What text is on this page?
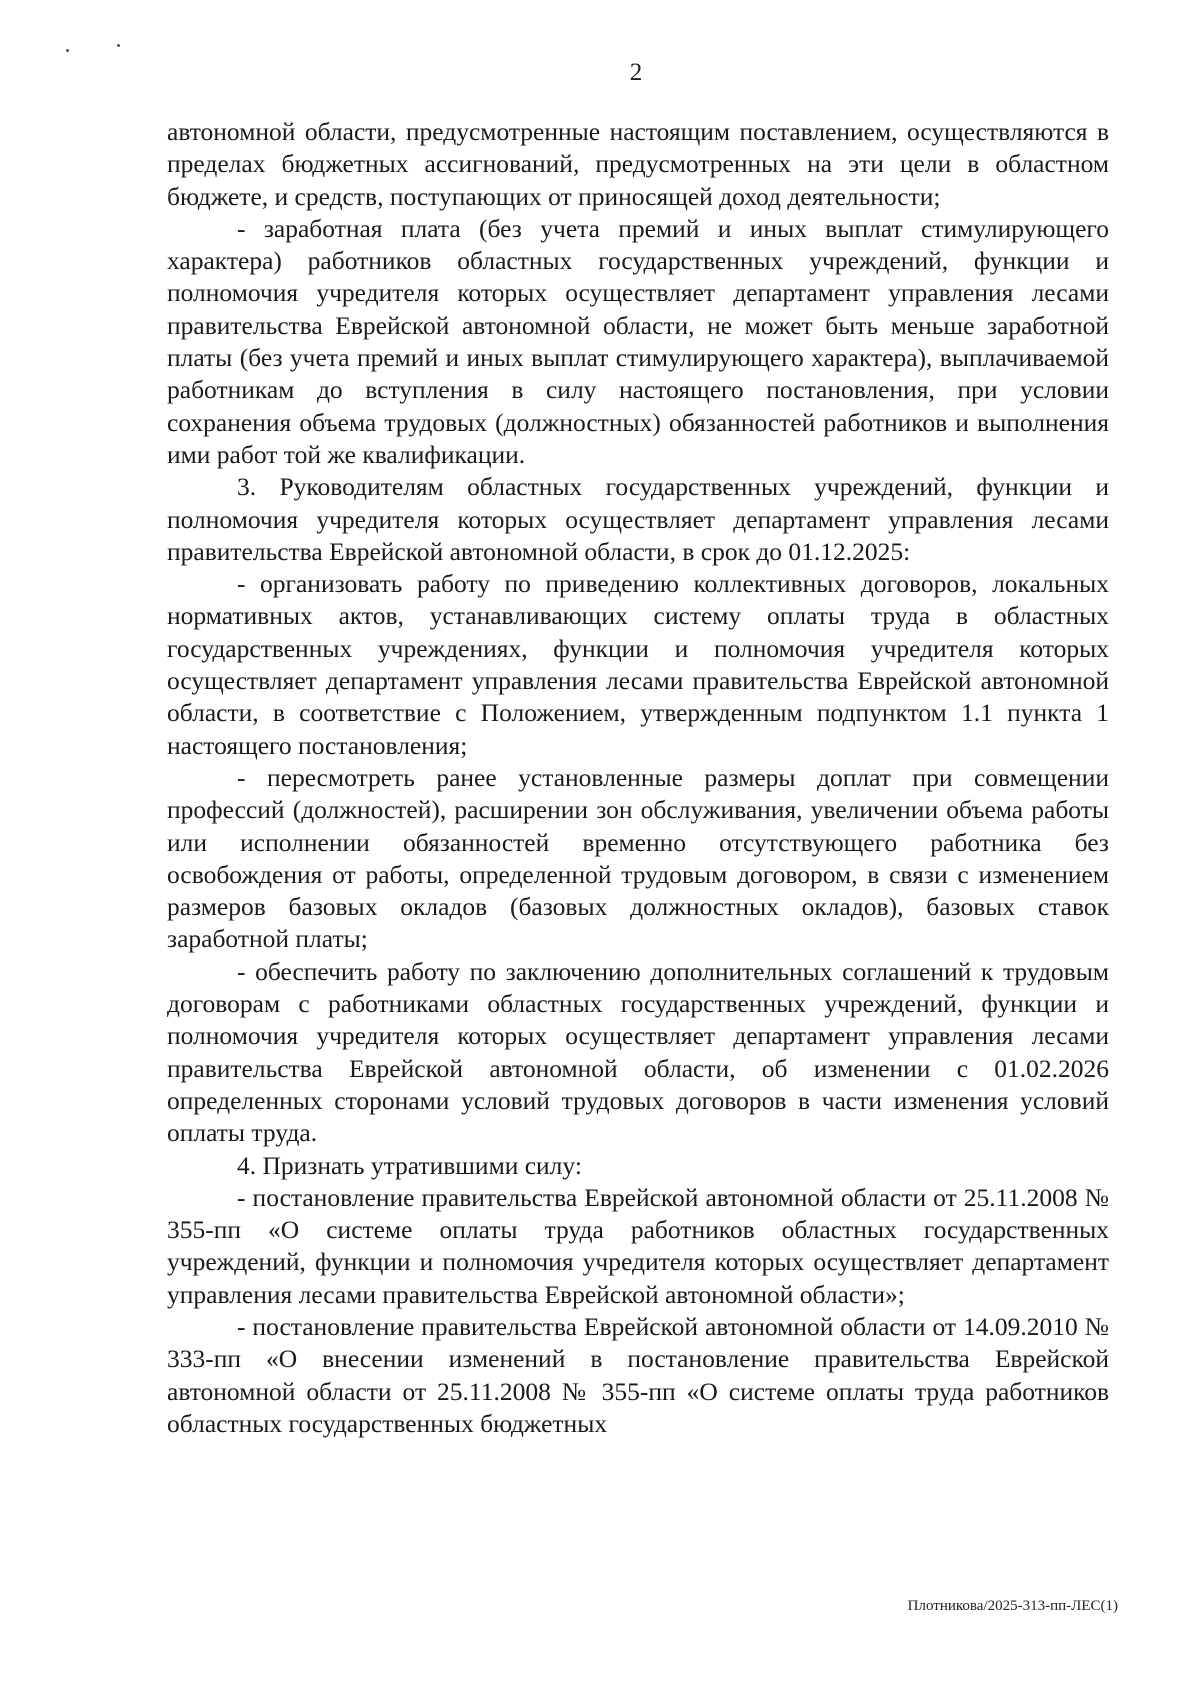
2

автономной области, предусмотренные настоящим поставлением, осуществляются в пределах бюджетных ассигнований, предусмотренных на эти цели в областном бюджете, и средств, поступающих от приносящей доход деятельности;

- заработная плата (без учета премий и иных выплат стимулирующего характера) работников областных государственных учреждений, функции и полномочия учредителя которых осуществляет департамент управления лесами правительства Еврейской автономной области, не может быть меньше заработной платы (без учета премий и иных выплат стимулирующего характера), выплачиваемой работникам до вступления в силу настоящего постановления, при условии сохранения объема трудовых (должностных) обязанностей работников и выполнения ими работ той же квалификации.

3. Руководителям областных государственных учреждений, функции и полномочия учредителя которых осуществляет департамент управления лесами правительства Еврейской автономной области, в срок до 01.12.2025:

- организовать работу по приведению коллективных договоров, локальных нормативных актов, устанавливающих систему оплаты труда в областных государственных учреждениях, функции и полномочия учредителя которых осуществляет департамент управления лесами правительства Еврейской автономной области, в соответствие с Положением, утвержденным подпунктом 1.1 пункта 1 настоящего постановления;

- пересмотреть ранее установленные размеры доплат при совмещении профессий (должностей), расширении зон обслуживания, увеличении объема работы или исполнении обязанностей временно отсутствующего работника без освобождения от работы, определенной трудовым договором, в связи с изменением размеров базовых окладов (базовых должностных окладов), базовых ставок заработной платы;

- обеспечить работу по заключению дополнительных соглашений к трудовым договорам с работниками областных государственных учреждений, функции и полномочия учредителя которых осуществляет департамент управления лесами правительства Еврейской автономной области, об изменении с 01.02.2026 определенных сторонами условий трудовых договоров в части изменения условий оплаты труда.

4. Признать утратившими силу:

- постановление правительства Еврейской автономной области от 25.11.2008 № 355-пп «О системе оплаты труда работников областных государственных учреждений, функции и полномочия учредителя которых осуществляет департамент управления лесами правительства Еврейской автономной области»;

- постановление правительства Еврейской автономной области от 14.09.2010 № 333-пп «О внесении изменений в постановление правительства Еврейской автономной области от 25.11.2008 № 355-пп «О системе оплаты труда работников областных государственных бюджетных

Плотникова/2025-313-пп-ЛЕС(1)
